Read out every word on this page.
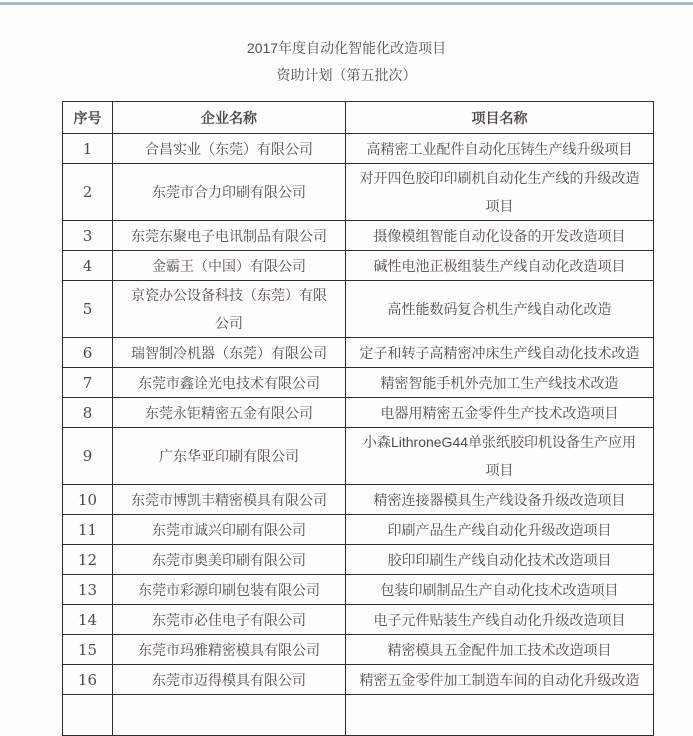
2017年度自动化智能化改造项目
资助计划（第五批次）
序号	企业名称	项目名称
1	合昌实业（东莞）有限公司	高精密工业配件自动化压铸生产线升级项目
2	东莞市合力印刷有限公司	对开四色胶印印刷机自动化生产线的升级改造项目
3	东莞东聚电子电讯制品有限公司	摄像模组智能自动化设备的开发改造项目
4	金霸王（中国）有限公司	碱性电池正极组装生产线自动化改造项目
5	京瓷办公设备科技（东莞）有限公司	高性能数码复合机生产线自动化改造
6	瑞智制冷机器（东莞）有限公司	定子和转子高精密冲床生产线自动化技术改造
7	东莞市鑫诠光电技术有限公司	精密智能手机外壳加工生产线技术改造
8	东莞永钜精密五金有限公司	电器用精密五金零件生产技术改造项目
9	广东华亚印刷有限公司	小森LithroneG44单张纸胶印机设备生产应用项目
10	东莞市博凯丰精密模具有限公司	精密连接器模具生产线设备升级改造项目
11	东莞市诚兴印刷有限公司	印刷产品生产线自动化升级改造项目
12	东莞市奥美印刷有限公司	胶印印刷生产线自动化技术改造项目
13	东莞市彩源印刷包装有限公司	包装印刷制品生产自动化技术改造项目
14	东莞市必佳电子有限公司	电子元件贴装生产线自动化升级改造项目
15	东莞市玛雅精密模具有限公司	精密模具五金配件加工技术改造项目
16	东莞市迈得模具有限公司	精密五金零件加工制造车间的自动化升级改造
